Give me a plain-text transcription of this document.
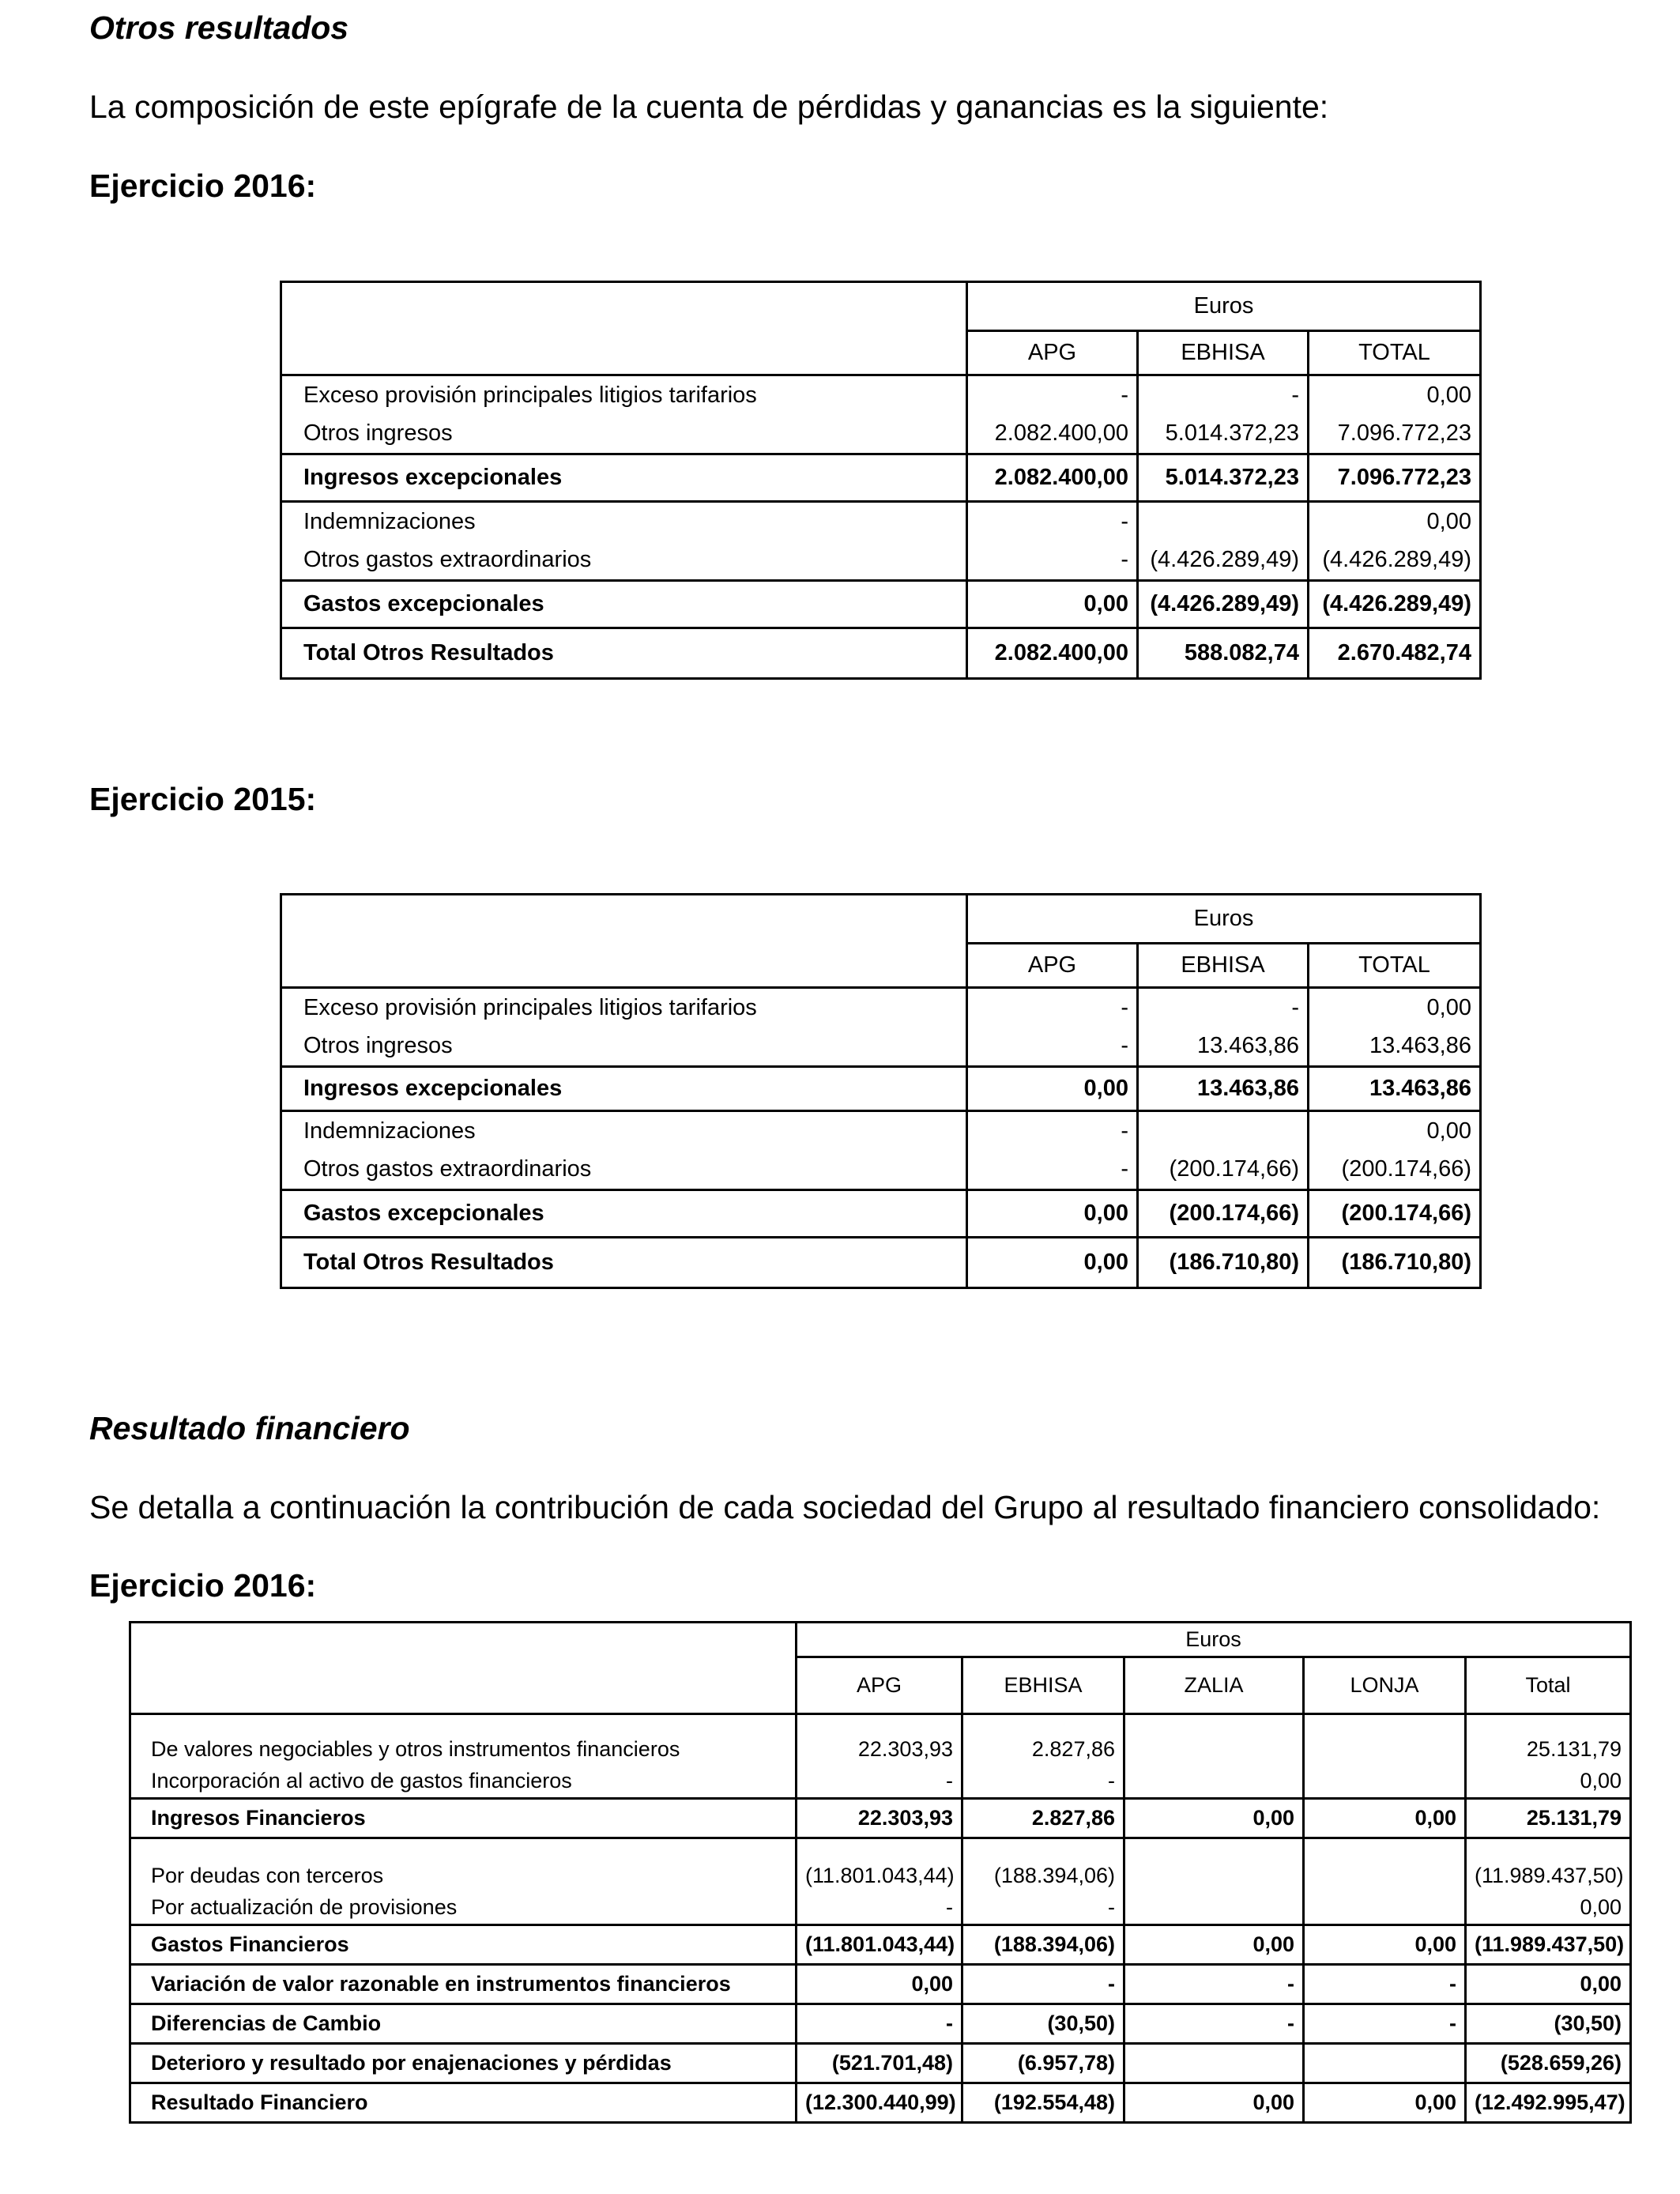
Otros resultados
La composición de este epígrafe de la cuenta de pérdidas y ganancias es la siguiente:
Ejercicio 2016:
	Euros		
	APG	EBHISA	TOTAL
Exceso provisión principales litigios tarifarios	-	-	0,00
Otros ingresos	2.082.400,00	5.014.372,23	7.096.772,23
Ingresos excepcionales	2.082.400,00	5.014.372,23	7.096.772,23
Indemnizaciones	-		0,00
Otros gastos extraordinarios	-	(4.426.289,49)	(4.426.289,49)
Gastos excepcionales	0,00	(4.426.289,49)	(4.426.289,49)
Total Otros Resultados	2.082.400,00	588.082,74	2.670.482,74
Ejercicio 2015:
	Euros		
	APG	EBHISA	TOTAL
Exceso provisión principales litigios tarifarios	-	-	0,00
Otros ingresos	-	13.463,86	13.463,86
Ingresos excepcionales	0,00	13.463,86	13.463,86
Indemnizaciones	-		0,00
Otros gastos extraordinarios	-	(200.174,66)	(200.174,66)
Gastos excepcionales	0,00	(200.174,66)	(200.174,66)
Total Otros Resultados	0,00	(186.710,80)	(186.710,80)
Resultado financiero
Se detalla a continuación la contribución de cada sociedad del Grupo al resultado financiero consolidado:
Ejercicio 2016:
	Euros				
	APG	EBHISA	ZALIA	LONJA	Total
De valores negociables y otros instrumentos financieros	22.303,93	2.827,86			25.131,79
Incorporación al activo de gastos financieros	-	-			0,00
Ingresos Financieros	22.303,93	2.827,86	0,00	0,00	25.131,79
Por deudas con terceros	(11.801.043,44)	(188.394,06)			(11.989.437,50)
Por actualización de provisiones	-	-			0,00
Gastos Financieros	(11.801.043,44)	(188.394,06)	0,00	0,00	(11.989.437,50)
Variación de valor razonable en instrumentos financieros	0,00	-	-	-	0,00
Diferencias de Cambio	-	(30,50)	-	-	(30,50)
Deterioro y resultado por enajenaciones y pérdidas	(521.701,48)	(6.957,78)			(528.659,26)
Resultado Financiero	(12.300.440,99)	(192.554,48)	0,00	0,00	(12.492.995,47)
